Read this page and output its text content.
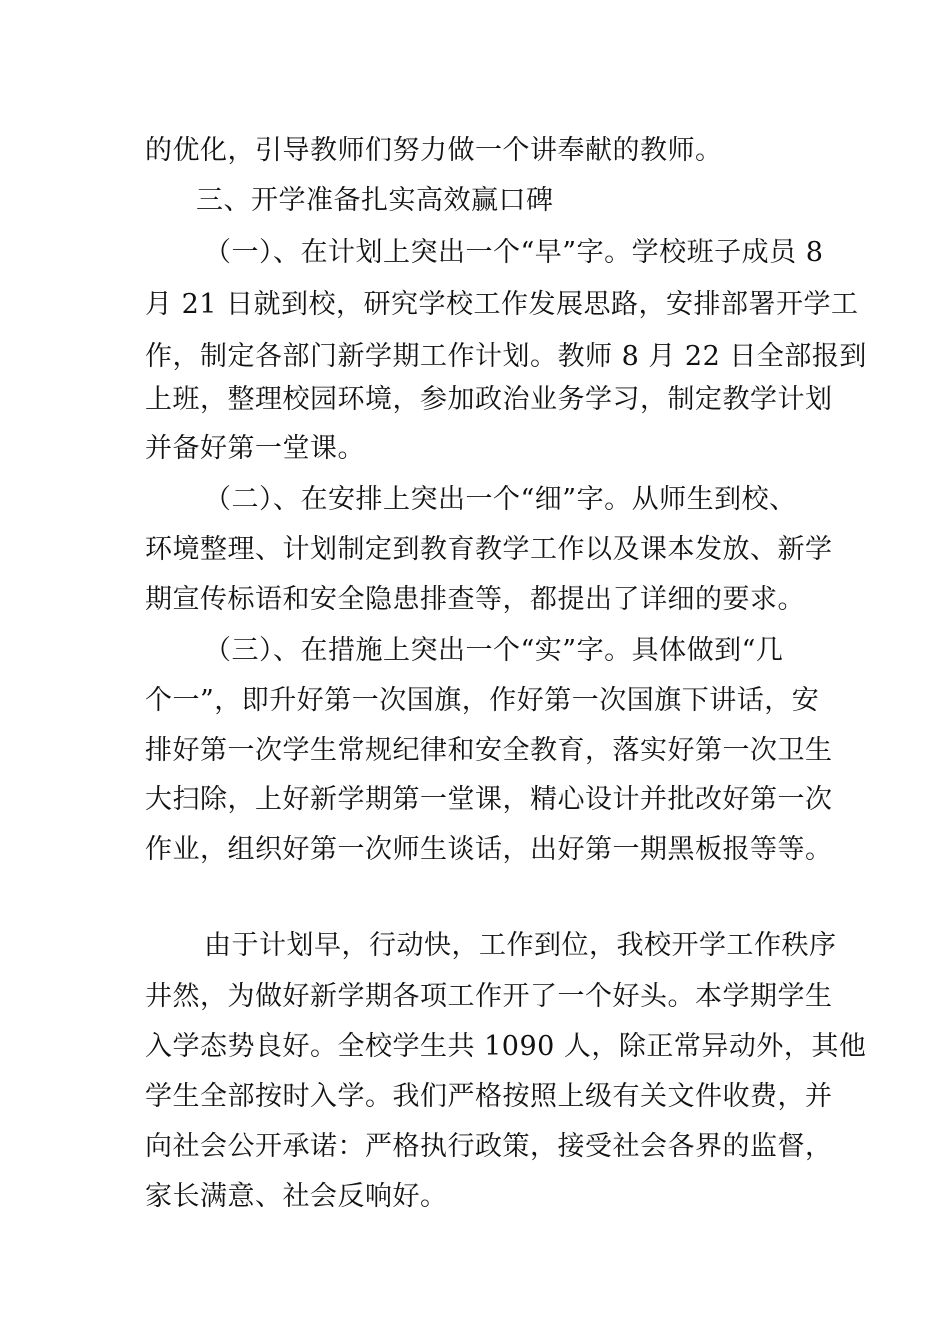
的优化，引导教师们努力做一个讲奉献的教师。
三、开学准备扎实高效赢口碑
（一）、在计划上突出一个“早”字。学校班子成员 8
月 21 日就到校，研究学校工作发展思路，安排部署开学工
作，制定各部门新学期工作计划。教师 8 月 22 日全部报到
上班，整理校园环境，参加政治业务学习，制定教学计划
并备好第一堂课。
（二）、在安排上突出一个“细”字。从师生到校、
环境整理、计划制定到教育教学工作以及课本发放、新学
期宣传标语和安全隐患排查等，都提出了详细的要求。
（三）、在措施上突出一个“实”字。具体做到“几
个一”，即升好第一次国旗，作好第一次国旗下讲话，安
排好第一次学生常规纪律和安全教育，落实好第一次卫生
大扫除，上好新学期第一堂课，精心设计并批改好第一次
作业，组织好第一次师生谈话，出好第一期黑板报等等。
由于计划早，行动快，工作到位，我校开学工作秩序
井然，为做好新学期各项工作开了一个好头。本学期学生
入学态势良好。全校学生共 1090 人，除正常异动外，其他
学生全部按时入学。我们严格按照上级有关文件收费，并
向社会公开承诺：严格执行政策，接受社会各界的监督，
家长满意、社会反响好。
